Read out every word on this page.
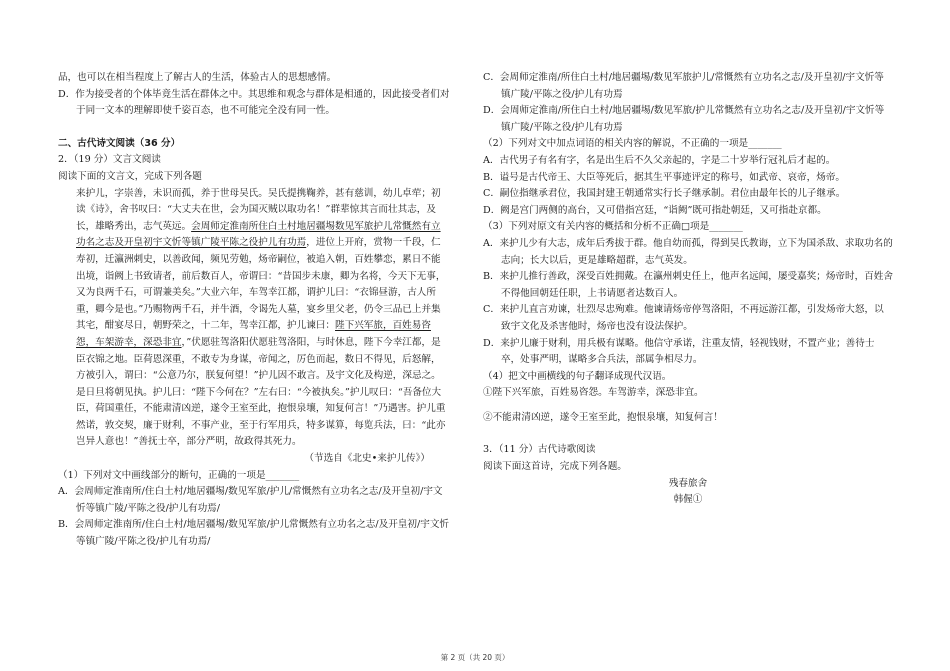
品，也可以在相当程度上了解古人的生活，体验古人的思想感情。

D．作为接受者的个体毕竟生活在群体之中。其思维和观念与群体是相通的，因此接受者们对于同一文本的理解即使千姿百态，也不可能完全没有同一性。

二、古代诗文阅读（36 分）

2．（19 分）文言文阅读

阅读下面的文言文，完成下列各题

来护儿，字崇善，未识而孤，养于世母吴氏。吴氏提携鞠养，甚有慈训，幼儿卓荦；初读《诗》，舍书叹曰：“大丈夫在世，会为国灭贼以取功名！”群辈惊其言而壮其志，及长，雄略秀出，志气英远。会周师定淮南所住白土村地居疆埸数见军旅护儿常慨然有立功名之志及开皇初宇文忻等镇广陵平陈之役护儿有功焉，进位上开府，赏物一千段，仁寿初，迁瀛洲刺史，以善政闻，频见劳勉，炀帝嗣位，被追入朝，百姓攀恋，累日不能出境，诣阙上书致请者，前后数百人，帝谓曰：“昔国步未康，卿为名将，今天下无事，又为良两千石，可谓兼美矣。”大业六年，车驾幸江都，谓护儿曰：“衣锦昼游，古人所重，卿今是也。”乃赐物两千石，并牛酒，令谒先人墓，宴乡里父老，仍令三品已上并集其宅，酣宴尽日，朝野荣之，十二年，驾幸江都，护儿谏曰：陛下兴军旅，百姓易咨怨，车架游幸，深恐非宜，”伏愿驻驾洛阳伏愿驻驾洛阳，与时休息，陛下今幸江都，是臣衣锦之地。臣荷恩深重，不敢专为身谋，帝闻之，厉色而起，数日不得见，后怒解，方被引入，谓曰：“公意乃尔，朕复何望！”护儿因不敢言。及宇文化及构逆，深忌之。是日旦将朝见执。护儿曰：“陛下今何在？”左右曰：“今被执矣。”护儿叹曰：“吾备位大臣，荷国重任，不能肃清凶逆，遂令王室至此，抱恨泉壤，知复何言！”乃遇害。护儿重然诺，敦交契，廉于财利，不事产业，至于行军用兵，特多谋算，每览兵法，曰：“此亦岂异人意也！”善抚士卒，部分严明，故政得其死力。

（节选自《北史•来护儿传》）

（1）下列对文中画线部分的断句，正确的一项是_______

A．会周师定淮南所/住白土村/地居疆埸/数见军旅/护儿/常慨然有立功名之志/及开皇初/宇文忻等镇广陵/平陈之役/护儿有功焉/

B．会周师定淮南所/住白土村/地居疆埸/数见军旅/护儿常慨然有立功名之志/及开皇初/宇文忻等镇广陵/平陈之役/护儿有功焉/

C．会周师定淮南/所住白土村/地居疆埸/数见军旅护儿/常慨然有立功名之志/及开皇初/宇文忻等镇广陵/平陈之役/护儿有功焉

D．会周师定淮南/所住白土村/地居疆埸/数见军旅/护儿常慨然有立功名之志/及开皇初/宇文忻等镇广陵/平陈之役/护儿有功焉

（2）下列对文中加点词语的相关内容的解说，不正确的一项是_______

A．古代男子有名有字，名是出生后不久父亲起的，字是二十岁举行冠礼后才起的。

B．谥号是古代帝王、大臣等死后，据其生平事迹评定的称号，如武帝、哀帝，炀帝。

C．嗣位指继承君位，我国封建王朝通常实行长子继承制。君位由最年长的儿子继承。

D．阙是宫门两侧的高台，又可借指宫廷，“诣阙”既可指赴朝廷，又可指赴京都。

（3）下列对原文有关内容的概括和分析不正确□项是_______

A．来护儿少有大志，成年后秀拔于群。他自幼而孤，得到吴氏教诲，立下为国杀敌、求取功名的志向；长大以后，更是雄略超群，志气英发。

B．来护儿推行善政，深受百姓拥戴。在瀛州刺史任上，他声名远闻，屡受嘉奖；炀帝时，百姓舍不得他回朝廷任职，上书请愿者达数百人。

C．来护儿直言劝谏，壮烈尽忠殉难。他谏请炀帝停驾洛阳，不再远游江都，引发炀帝大怒，以致宇文化及杀害他时，炀帝也没有设法保护。

D．来护儿廉于财利，用兵极有谋略。他信守承诺，注重友情，轻视钱财，不置产业；善待士卒，处事严明，谋略多合兵法，部属争相尽力。

（4）把文中画横线的句子翻译成现代汉语。

①陛下兴军旅，百姓易咨怨。车驾游幸，深恐非宜。

②不能肃清凶逆，遂令王室至此，抱恨泉壤，知复何言！

3．（11 分）古代诗歌阅读

阅读下面这首诗，完成下列各题。

残春旅舍

韩偓①

第 2 页（共 20 页）
